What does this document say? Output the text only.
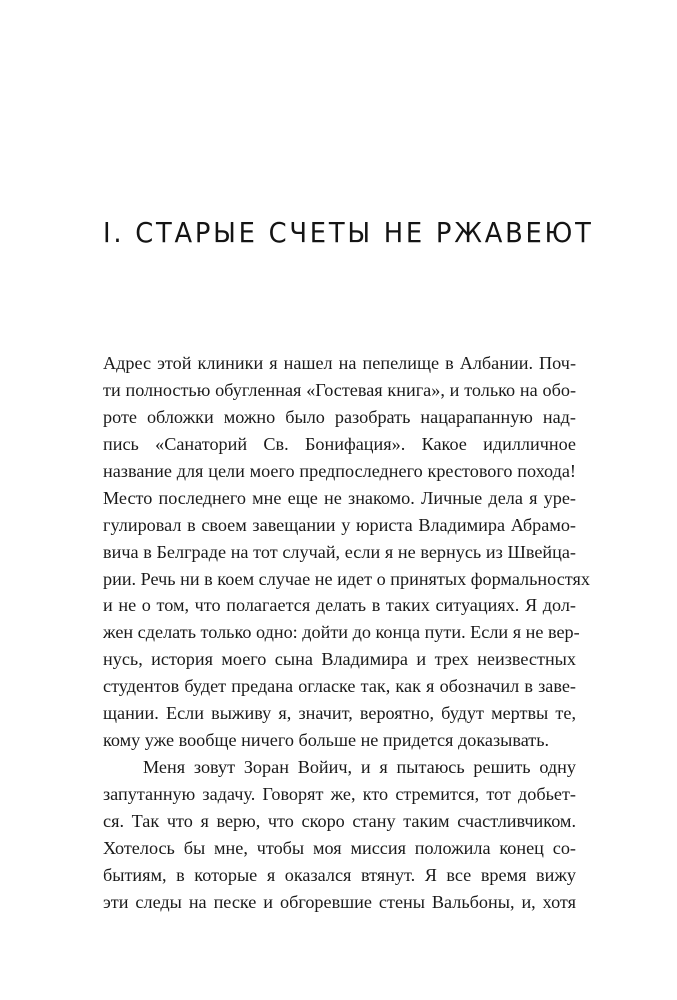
I. СТАРЫЕ СЧЕТЫ НЕ РЖАВЕЮТ
Адрес этой клиники я нашел на пепелище в Албании. Поч-
ти полностью обугленная «Гостевая книга», и только на обо-
роте обложки можно было разобрать нацарапанную над-
пись «Санаторий Св. Бонифация». Какое идилличное
название для цели моего предпоследнего крестового похода!
Место последнего мне еще не знакомо. Личные дела я уре-
гулировал в своем завещании у юриста Владимира Абрамо-
вича в Белграде на тот случай, если я не вернусь из Швейца-
рии. Речь ни в коем случае не идет о принятых формальностях
и не о том, что полагается делать в таких ситуациях. Я дол-
жен сделать только одно: дойти до конца пути. Если я не вер-
нусь, история моего сына Владимира и трех неизвестных
студентов будет предана огласке так, как я обозначил в заве-
щании. Если выживу я, значит, вероятно, будут мертвы те,
кому уже вообще ничего больше не придется доказывать.
Меня зовут Зоран Войич, и я пытаюсь решить одну
запутанную задачу. Говорят же, кто стремится, тот добьет-
ся. Так что я верю, что скоро стану таким счастливчиком.
Хотелось бы мне, чтобы моя миссия положила конец со-
бытиям, в которые я оказался втянут. Я все время вижу
эти следы на песке и обгоревшие стены Вальбоны, и, хотя
